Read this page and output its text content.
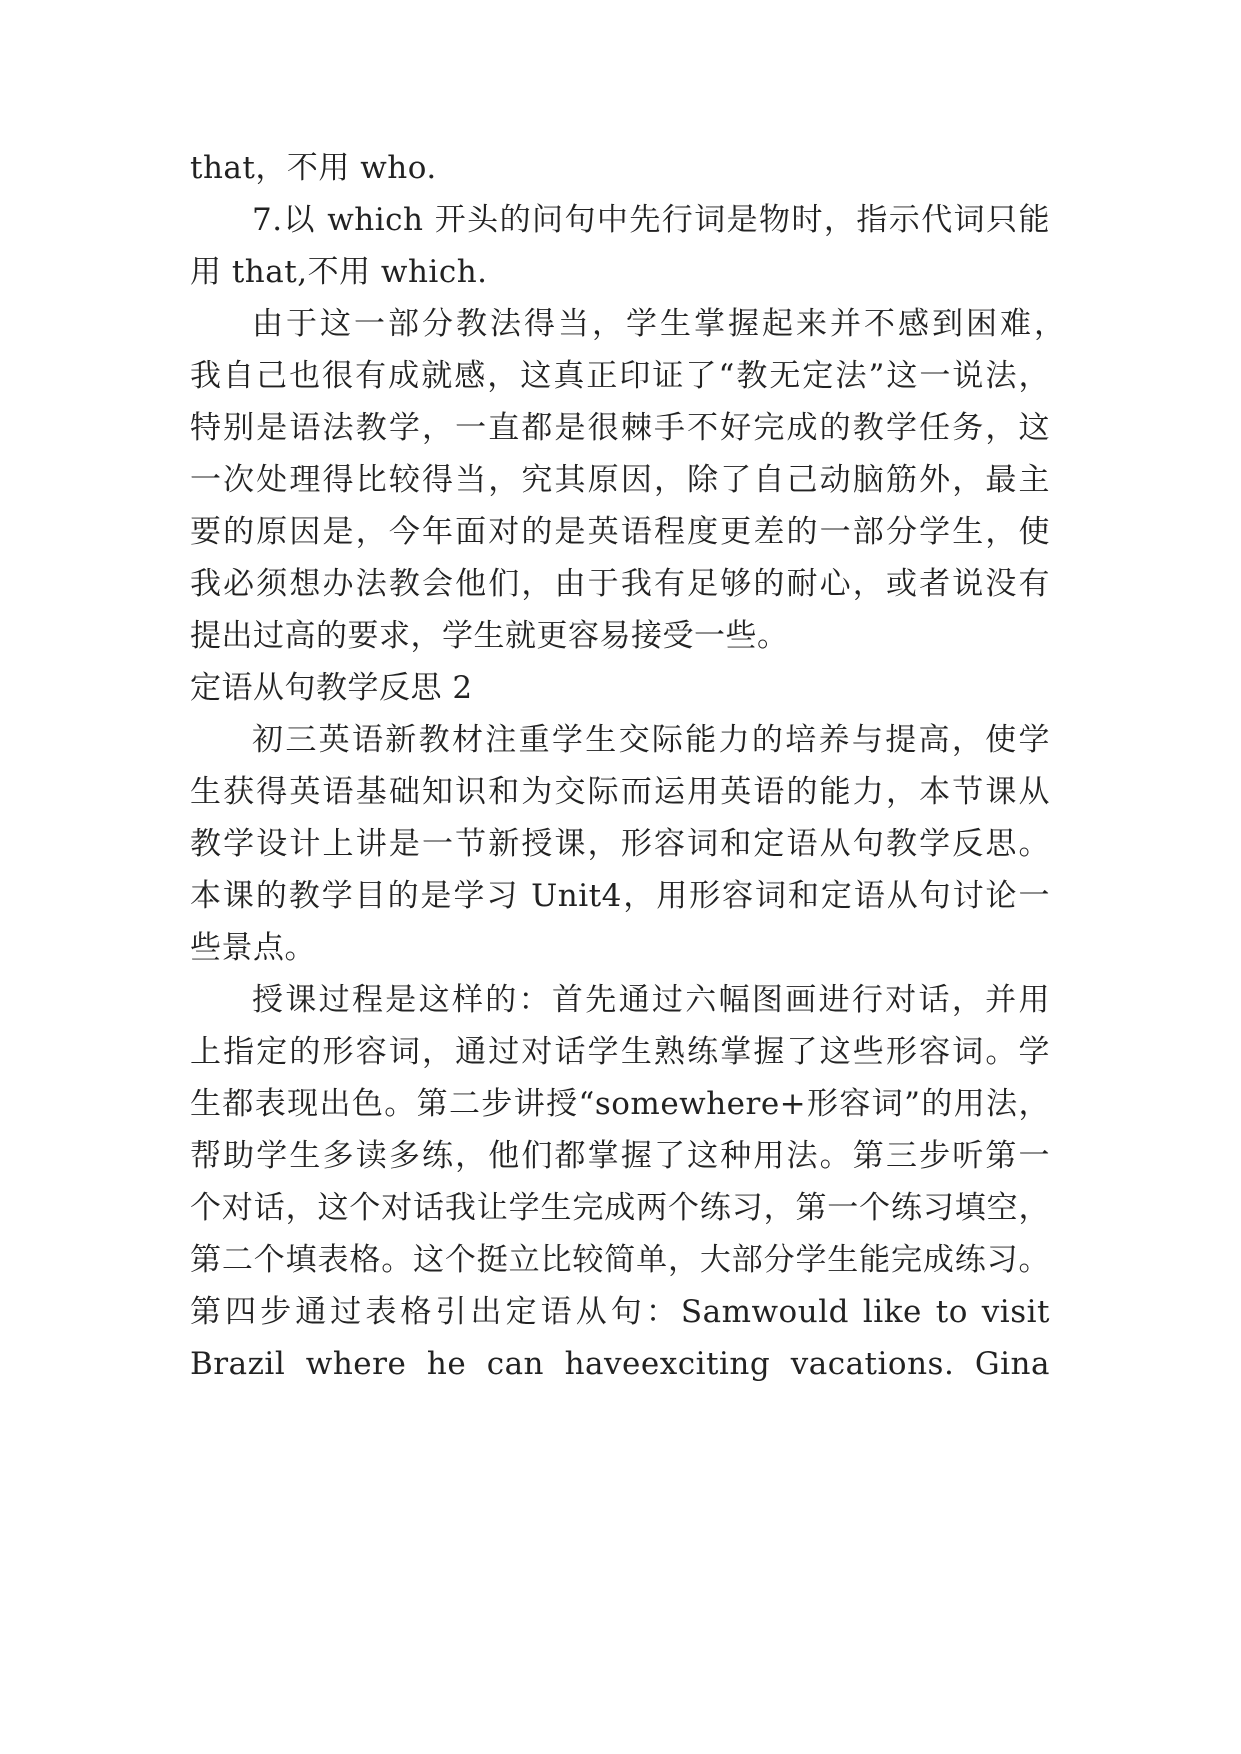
that，不用 who.
7.以 which 开头的问句中先行词是物时，指示代词只能
用 that,不用 which.
由于这一部分教法得当，学生掌握起来并不感到困难，
我自己也很有成就感，这真正印证了“教无定法”这一说法，
特别是语法教学，一直都是很棘手不好完成的教学任务，这
一次处理得比较得当，究其原因，除了自己动脑筋外，最主
要的原因是，今年面对的是英语程度更差的一部分学生，使
我必须想办法教会他们，由于我有足够的耐心，或者说没有
提出过高的要求，学生就更容易接受一些。
定语从句教学反思 2
初三英语新教材注重学生交际能力的培养与提高，使学
生获得英语基础知识和为交际而运用英语的能力，本节课从
教学设计上讲是一节新授课，形容词和定语从句教学反思。
本课的教学目的是学习 Unit4，用形容词和定语从句讨论一
些景点。
授课过程是这样的：首先通过六幅图画进行对话，并用
上指定的形容词，通过对话学生熟练掌握了这些形容词。学
生都表现出色。第二步讲授“somewhere+形容词”的用法，
帮助学生多读多练，他们都掌握了这种用法。第三步听第一
个对话，这个对话我让学生完成两个练习，第一个练习填空，
第二个填表格。这个挺立比较简单，大部分学生能完成练习。
第四步通过表格引出定语从句：Samwould like to visit
Brazil where he can haveexciting vacations. Gina
